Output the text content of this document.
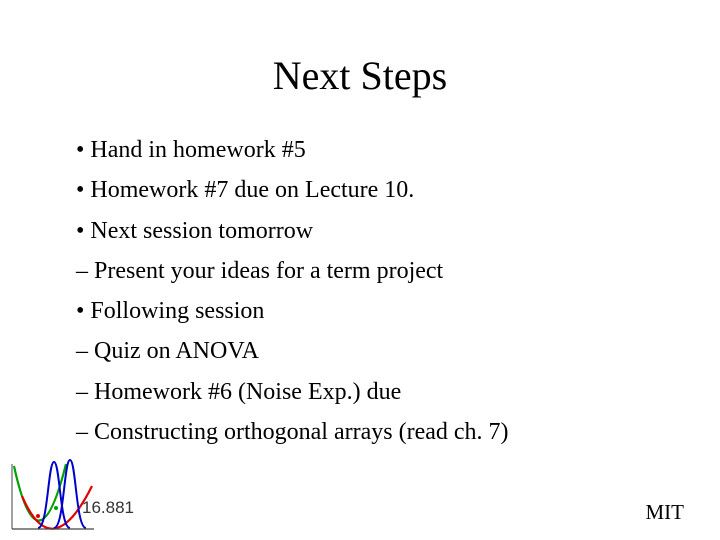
Next Steps
• Hand in homework #5
• Homework #7 due on Lecture 10.
• Next session tomorrow
– Present your ideas for a term project
• Following session
– Quiz on ANOVA
– Homework #6 (Noise Exp.) due
– Constructing orthogonal arrays (read ch. 7)
16.881	MIT
